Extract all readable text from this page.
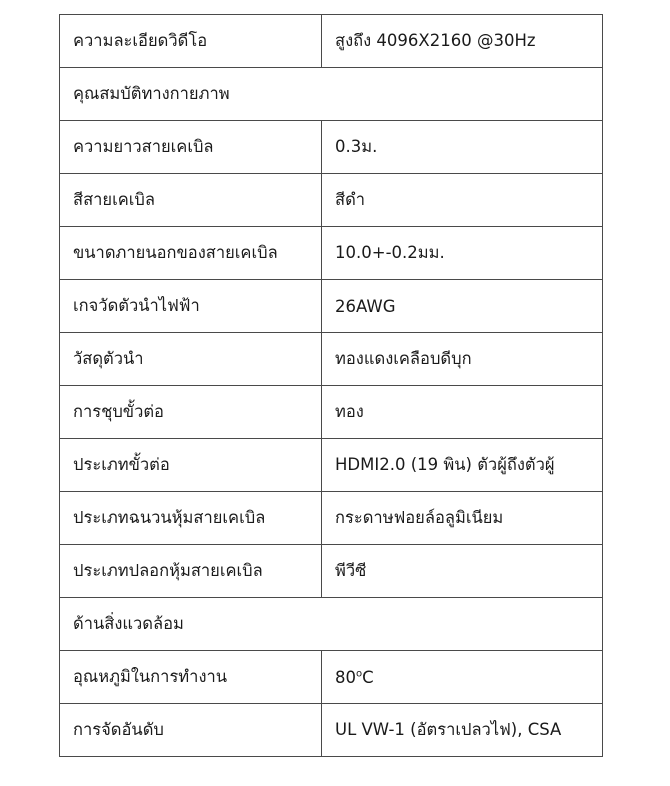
ความละเอียดวิดีโอ	สูงถึง 4096X2160 @30Hz
คุณสมบัติทางกายภาพ	
ความยาวสายเคเบิล	0.3ม.
สีสายเคเบิล	สีดำ
ขนาดภายนอกของสายเคเบิล	10.0+-0.2มม.
เกจวัดตัวนำไฟฟ้า	26AWG
วัสดุตัวนำ	ทองแดงเคลือบดีบุก
การชุบขั้วต่อ	ทอง
ประเภทขั้วต่อ	HDMI2.0 (19 พิน) ตัวผู้ถึงตัวผู้
ประเภทฉนวนหุ้มสายเคเบิล	กระดาษฟอยล์อลูมิเนียม
ประเภทปลอกหุ้มสายเคเบิล	พีวีซี
ด้านสิ่งแวดล้อม	
อุณหภูมิในการทำงาน	80$^o$C
การจัดอันดับ	UL VW-1 (อัตราเปลวไฟ), CSA
